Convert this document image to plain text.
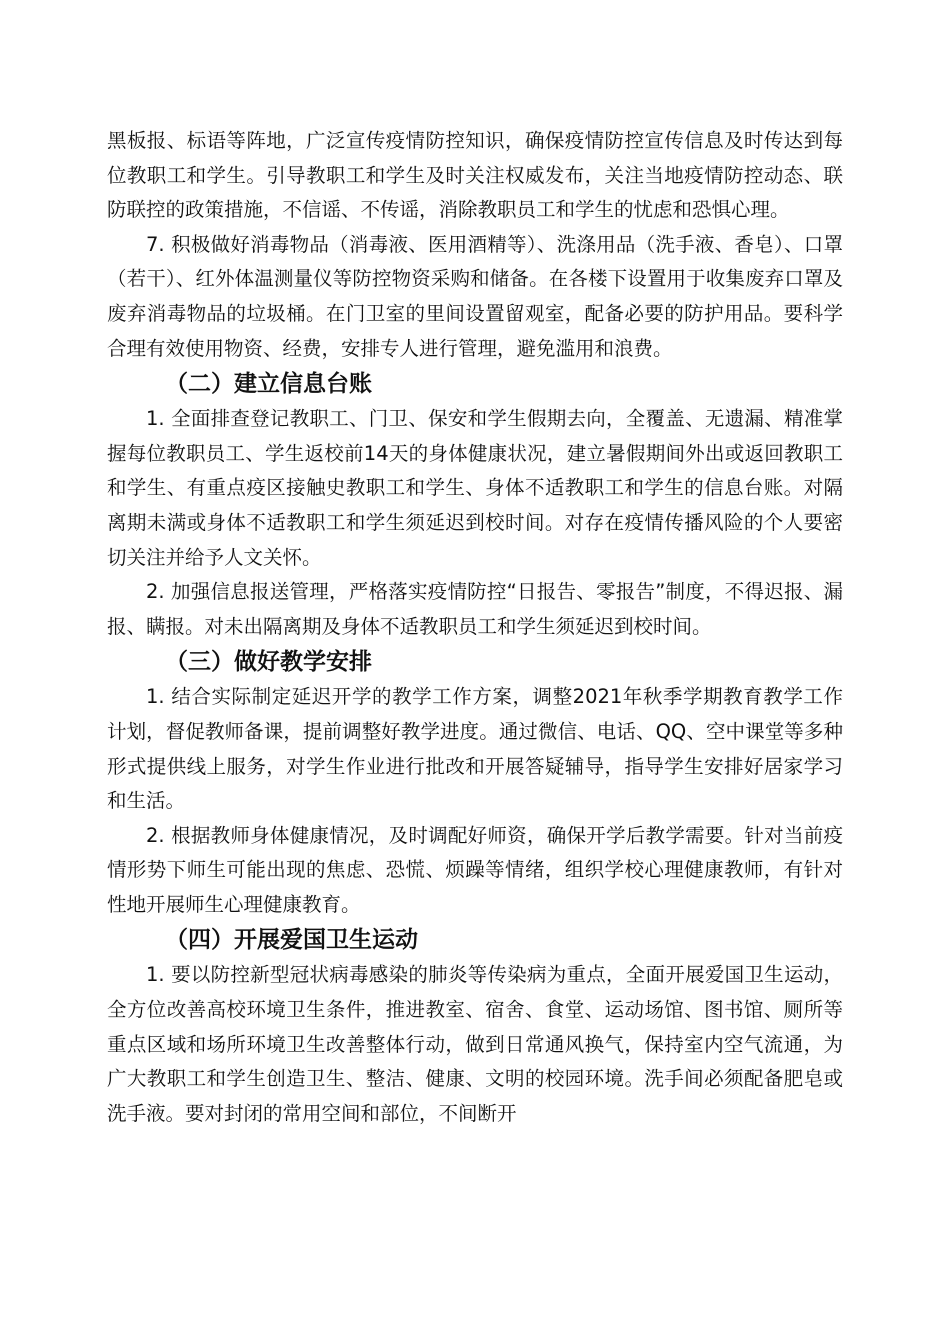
黑板报、标语等阵地，广泛宣传疫情防控知识，确保疫情防控宣传信息及时传达到每位教职工和学生。引导教职工和学生及时关注权威发布，关注当地疫情防控动态、联防联控的政策措施，不信谣、不传谣，消除教职员工和学生的忧虑和恐惧心理。

7. 积极做好消毒物品（消毒液、医用酒精等）、洗涤用品（洗手液、香皂）、口罩（若干）、红外体温测量仪等防控物资采购和储备。在各楼下设置用于收集废弃口罩及废弃消毒物品的垃圾桶。在门卫室的里间设置留观室，配备必要的防护用品。要科学合理有效使用物资、经费，安排专人进行管理，避免滥用和浪费。

（二）建立信息台账

1. 全面排查登记教职工、门卫、保安和学生假期去向，全覆盖、无遗漏、精准掌握每位教职员工、学生返校前14天的身体健康状况，建立暑假期间外出或返回教职工和学生、有重点疫区接触史教职工和学生、身体不适教职工和学生的信息台账。对隔离期未满或身体不适教职工和学生须延迟到校时间。对存在疫情传播风险的个人要密切关注并给予人文关怀。

2. 加强信息报送管理，严格落实疫情防控“日报告、零报告”制度，不得迟报、漏报、瞒报。对未出隔离期及身体不适教职员工和学生须延迟到校时间。

（三）做好教学安排

1. 结合实际制定延迟开学的教学工作方案，调整2021年秋季学期教育教学工作计划，督促教师备课，提前调整好教学进度。通过微信、电话、QQ、空中课堂等多种形式提供线上服务，对学生作业进行批改和开展答疑辅导，指导学生安排好居家学习和生活。

2. 根据教师身体健康情况，及时调配好师资，确保开学后教学需要。针对当前疫情形势下师生可能出现的焦虑、恐慌、烦躁等情绪，组织学校心理健康教师，有针对性地开展师生心理健康教育。

（四）开展爱国卫生运动

1. 要以防控新型冠状病毒感染的肺炎等传染病为重点，全面开展爱国卫生运动，全方位改善高校环境卫生条件，推进教室、宿舍、食堂、运动场馆、图书馆、厕所等重点区域和场所环境卫生改善整体行动，做到日常通风换气，保持室内空气流通，为广大教职工和学生创造卫生、整洁、健康、文明的校园环境。洗手间必须配备肥皂或洗手液。要对封闭的常用空间和部位，不间断开
